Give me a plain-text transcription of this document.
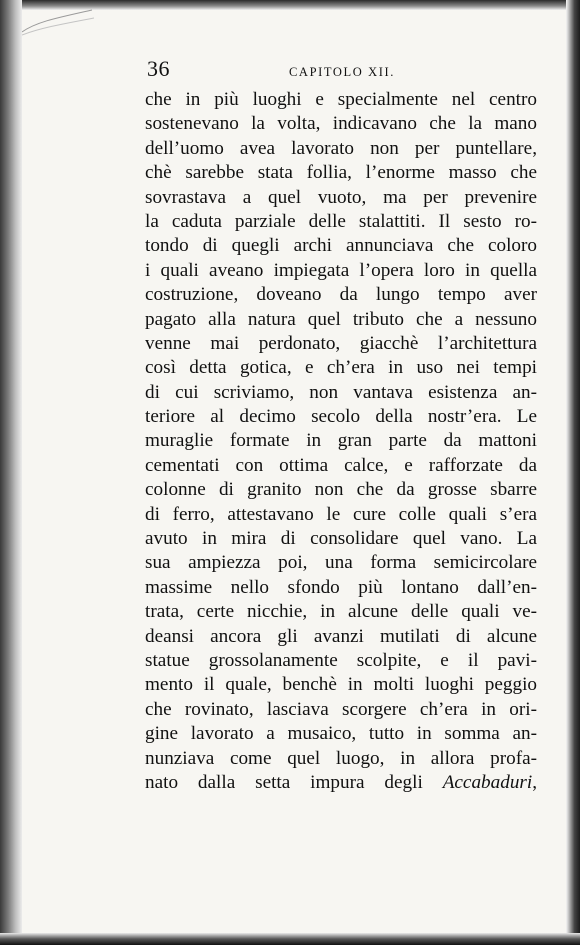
36	CAPITOLO XII.
che in più luoghi e specialmente nel centro
sostenevano la volta, indicavano che la mano
dell’uomo avea lavorato non per puntellare,
chè sarebbe stata follia, l’enorme masso che
sovrastava a quel vuoto, ma per prevenire
la caduta parziale delle stalattiti. Il sesto ro-
tondo di quegli archi annunciava che coloro
i quali aveano impiegata l’opera loro in quella
costruzione, doveano da lungo tempo aver
pagato alla natura quel tributo che a nessuno
venne mai perdonato, giacchè l’architettura
così detta gotica, e ch’era in uso nei tempi
di cui scriviamo, non vantava esistenza an-
teriore al decimo secolo della nostr’era. Le
muraglie formate in gran parte da mattoni
cementati con ottima calce, e rafforzate da
colonne di granito non che da grosse sbarre
di ferro, attestavano le cure colle quali s’era
avuto in mira di consolidare quel vano. La
sua ampiezza poi, una forma semicircolare
massime nello sfondo più lontano dall’en-
trata, certe nicchie, in alcune delle quali ve-
deansi ancora gli avanzi mutilati di alcune
statue grossolanamente scolpite, e il pavi-
mento il quale, benchè in molti luoghi peggio
che rovinato, lasciava scorgere ch’era in ori-
gine lavorato a musaico, tutto in somma an-
nunziava come quel luogo, in allora profa-
nato dalla setta impura degli Accabaduri,
